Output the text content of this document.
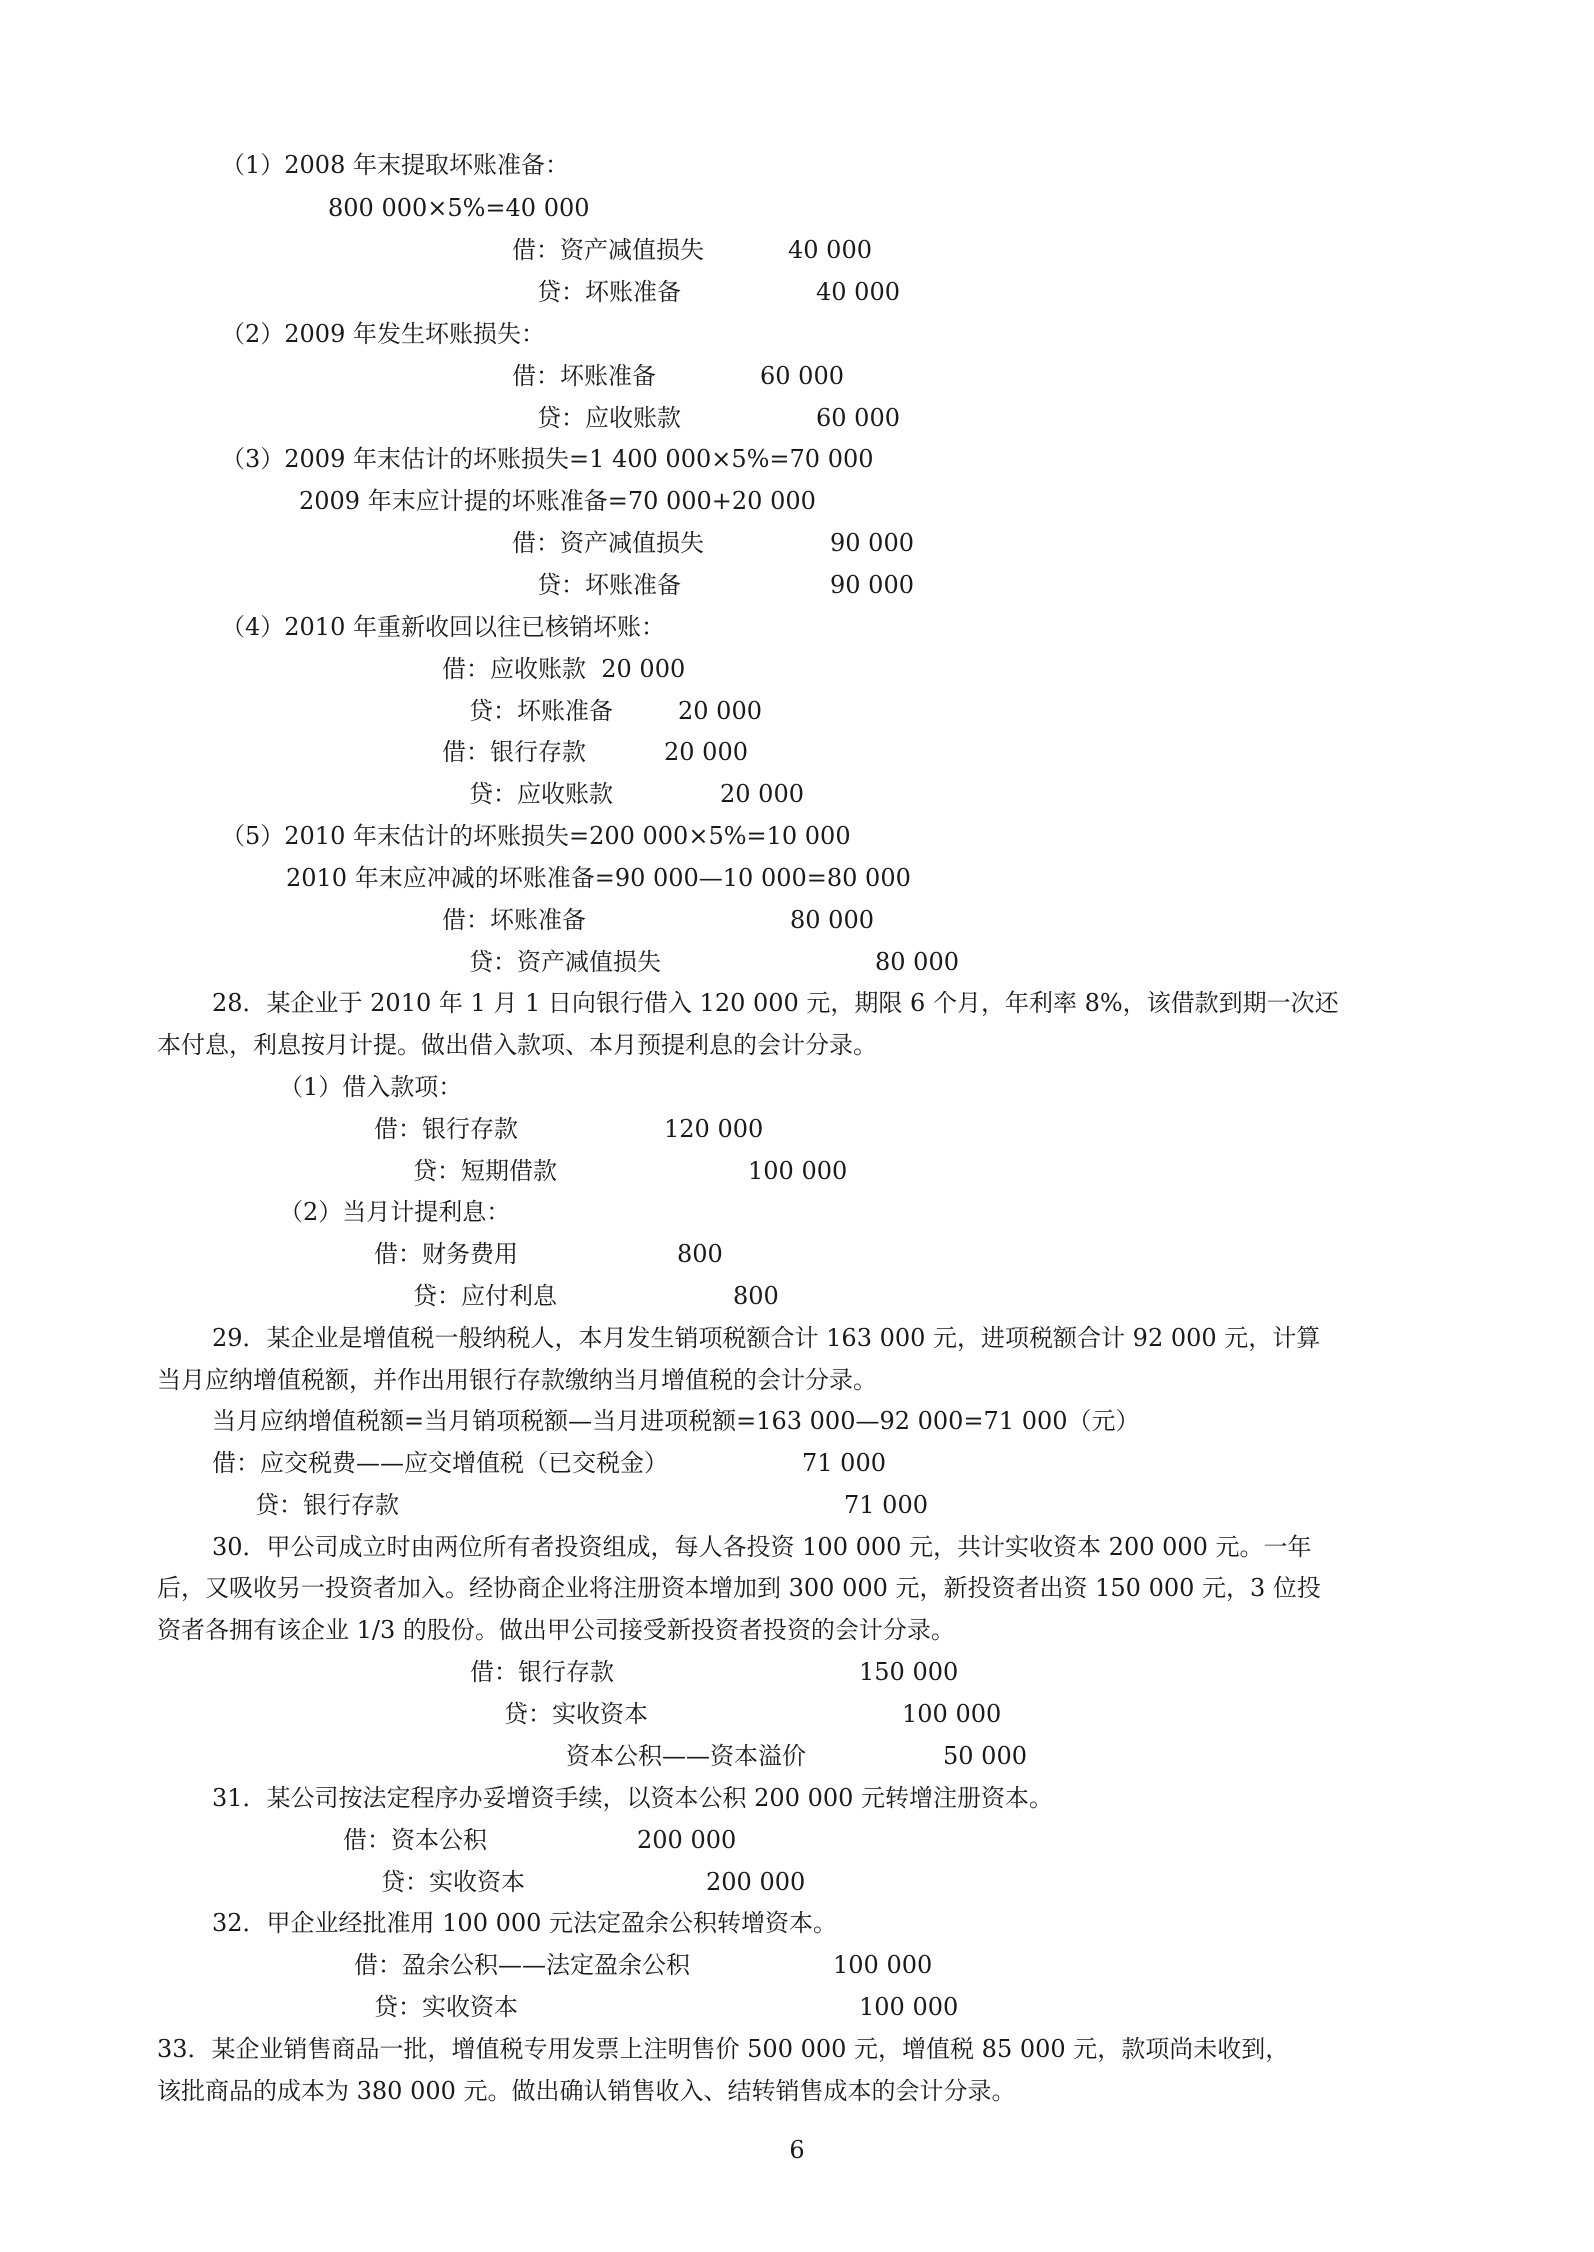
（1）2008 年末提取坏账准备：
800 000×5%=40 000
借：资产减值损失	40 000
贷：坏账准备	40 000
（2）2009 年发生坏账损失：
借：坏账准备	60 000
贷：应收账款	60 000
（3）2009 年末估计的坏账损失=1 400 000×5%=70 000
2009 年末应计提的坏账准备=70 000+20 000
借：资产减值损失	90 000
贷：坏账准备	90 000
（4）2010 年重新收回以往已核销坏账：
借：应收账款  20 000
贷：坏账准备	20 000
借：银行存款	20 000
贷：应收账款	20 000
（5）2010 年末估计的坏账损失=200 000×5%=10 000
2010 年末应冲减的坏账准备=90 000—10 000=80 000
借：坏账准备	80 000
贷：资产减值损失	80 000
28．某企业于 2010 年 1 月 1 日向银行借入 120 000 元，期限 6 个月，年利率 8%，该借款到期一次还
本付息，利息按月计提。做出借入款项、本月预提利息的会计分录。
（1）借入款项：
借：银行存款	120 000
贷：短期借款	100 000
（2）当月计提利息：
借：财务费用	800
贷：应付利息	800
29．某企业是增值税一般纳税人，本月发生销项税额合计 163 000 元，进项税额合计 92 000 元，计算
当月应纳增值税额，并作出用银行存款缴纳当月增值税的会计分录。
当月应纳增值税额=当月销项税额—当月进项税额=163 000—92 000=71 000（元）
借：应交税费——应交增值税（已交税金）	71 000
贷：银行存款	71 000
30．甲公司成立时由两位所有者投资组成，每人各投资 100 000 元，共计实收资本 200 000 元。一年
后，又吸收另一投资者加入。经协商企业将注册资本增加到 300 000 元，新投资者出资 150 000 元，3 位投
资者各拥有该企业 1/3 的股份。做出甲公司接受新投资者投资的会计分录。
借：银行存款	150 000
贷：实收资本	100 000
资本公积——资本溢价	50 000
31．某公司按法定程序办妥增资手续，以资本公积 200 000 元转增注册资本。
借：资本公积	200 000
贷：实收资本	200 000
32．甲企业经批准用 100 000 元法定盈余公积转增资本。
借：盈余公积——法定盈余公积	100 000
贷：实收资本	100 000
33．某企业销售商品一批，增值税专用发票上注明售价 500 000 元，增值税 85 000 元，款项尚未收到，
该批商品的成本为 380 000 元。做出确认销售收入、结转销售成本的会计分录。
6
